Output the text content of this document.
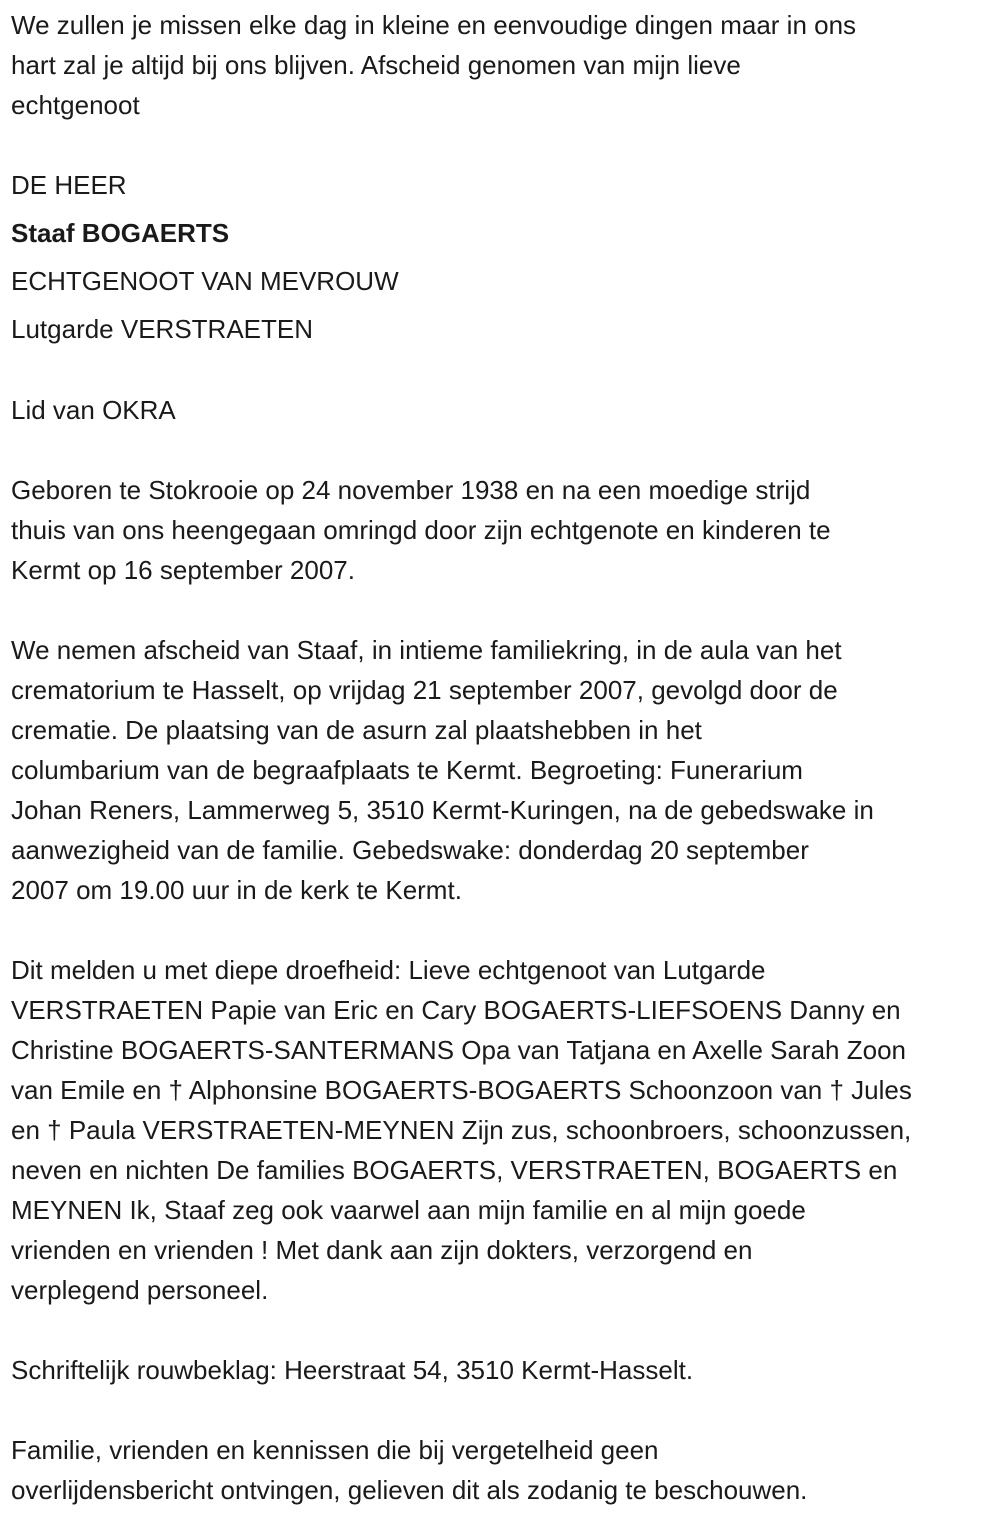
We zullen je missen elke dag in kleine en eenvoudige dingen maar in ons
hart zal je altijd bij ons blijven. Afscheid genomen van mijn lieve
echtgenoot
DE HEER
Staaf BOGAERTS
ECHTGENOOT VAN MEVROUW
Lutgarde VERSTRAETEN
Lid van OKRA
Geboren te Stokrooie op 24 november 1938 en na een moedige strijd
thuis van ons heengegaan omringd door zijn echtgenote en kinderen te
Kermt op 16 september 2007.
We nemen afscheid van Staaf, in intieme familiekring, in de aula van het
crematorium te Hasselt, op vrijdag 21 september 2007, gevolgd door de
crematie. De plaatsing van de asurn zal plaatshebben in het
columbarium van de begraafplaats te Kermt. Begroeting: Funerarium
Johan Reners, Lammerweg 5, 3510 Kermt-Kuringen, na de gebedswake in
aanwezigheid van de familie. Gebedswake: donderdag 20 september
2007 om 19.00 uur in de kerk te Kermt.
Dit melden u met diepe droefheid: Lieve echtgenoot van Lutgarde
VERSTRAETEN Papie van Eric en Cary BOGAERTS-LIEFSOENS Danny en
Christine BOGAERTS-SANTERMANS Opa van Tatjana en Axelle Sarah Zoon
van Emile en † Alphonsine BOGAERTS-BOGAERTS Schoonzoon van † Jules
en † Paula VERSTRAETEN-MEYNEN Zijn zus, schoonbroers, schoonzussen,
neven en nichten De families BOGAERTS, VERSTRAETEN, BOGAERTS en
MEYNEN Ik, Staaf zeg ook vaarwel aan mijn familie en al mijn goede
vrienden en vrienden ! Met dank aan zijn dokters, verzorgend en
verplegend personeel.
Schriftelijk rouwbeklag: Heerstraat 54, 3510 Kermt-Hasselt.
Familie, vrienden en kennissen die bij vergetelheid geen
overlijdensbericht ontvingen, gelieven dit als zodanig te beschouwen.
